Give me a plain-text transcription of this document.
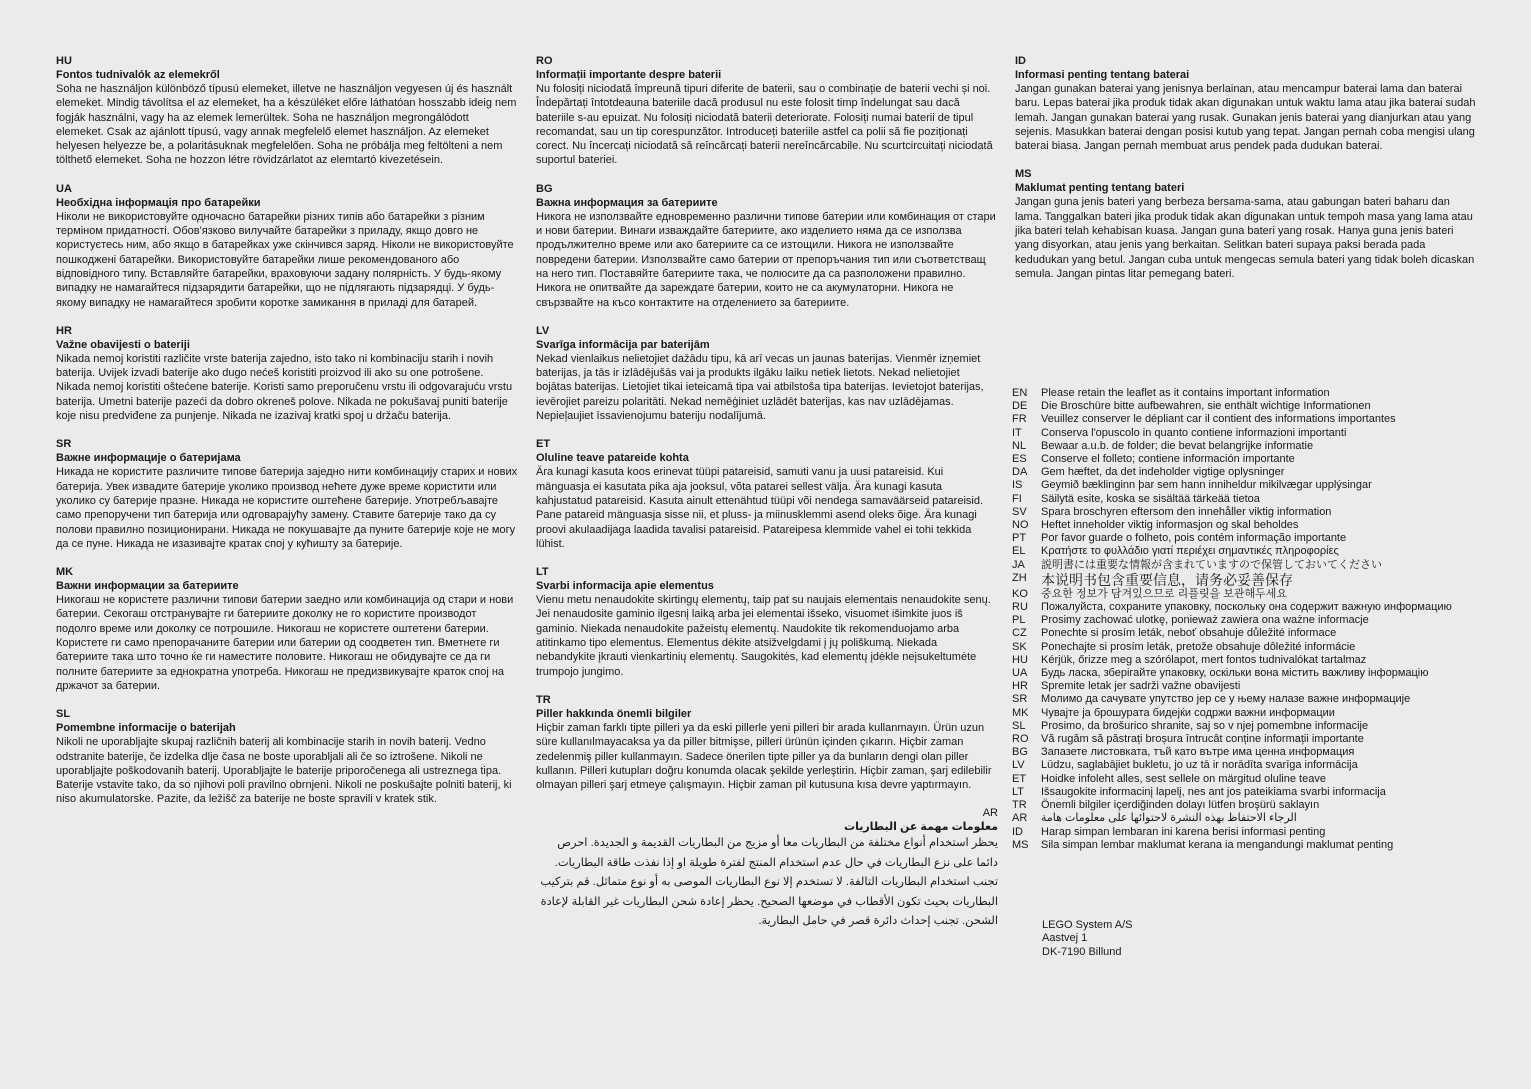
HU
Fontos tudnivalók az elemekről
Soha ne használjon különböző típusú elemeket, illetve ne használjon vegyesen új és használt elemeket. Mindig távolítsa el az elemeket, ha a készüléket előre láthatóan hosszabb ideig nem fogják használni, vagy ha az elemek lemerültek. Soha ne használjon megrongálódott elemeket. Csak az ajánlott típusú, vagy annak megfelelő elemet használjon. Az elemeket helyesen helyezze be, a polaritásuknak megfelelően. Soha ne próbálja meg feltölteni a nem tölthető elemeket. Soha ne hozzon létre rövidzárlatot az elemtartó kivezetésein.
UA
Необхідна інформація про батарейки
Ніколи не використовуйте одночасно батарейки різних типів або батарейки з різним терміном придатності. Обов'язково вилучайте батарейки з приладу, якщо довго не користуєтесь ним, або якщо в батарейках уже скінчився заряд. Ніколи не використовуйте пошкоджені батарейки. Використовуйте батарейки лише рекомендованого або відповідного типу. Вставляйте батарейки, враховуючи задану полярність. У будь-якому випадку не намагайтеся підзарядити батарейки, що не підлягають підзарядці. У будь-якому випадку не намагайтеся зробити коротке замикання в приладі для батарей.
HR
Važne obavijesti o baterijі
Nikada nemoj koristiti različite vrste baterija zajedno, isto tako ni kombinaciju starih i novih baterija. Uvijek izvadi baterije ako dugo nećeš koristiti proizvod ili ako su one potrošene. Nikada nemoj koristiti oštećene baterije. Koristi samo preporučenu vrstu ili odgovarajuću vrstu baterija. Umetni baterije pazeći da dobro okreneš polove. Nikada ne pokušavaj puniti baterije koje nisu predviđene za punjenje. Nikada ne izazivaj kratki spoj u držaču baterija.
SR
Важне информације о батеријама
Никада не користите различите типове батерија заједно нити комбинацију старих и нових батерија. Увек извадите батерије уколико производ нећете дуже време користити или уколико су батерије празне. Никада не користите оштећене батерије. Употребљавајте само препоручени тип батерија или одговарајућу замену. Ставите батерије тако да су полови правилно позиционирани. Никада не покушавајте да пуните батерије које не могу да се пуне. Никада не изазивајте кратак спој у кућишту за батерије.
MK
Важни информации за батериите
Никогаш не користете различни типови батерии заедно или комбинација од стари и нови батерии. Секогаш отстранувајте ги батериите доколку не го користите производот подолго време или доколку се потрошиле. Никогаш не користете оштетени батерии. Користете ги само препорачаните батерии или батерии од соодветен тип. Вметнете ги батериите така што точно ќе ги наместите половите. Никогаш не обидувајте се да ги полните батериите за еднократна употреба. Никогаш не предизвикувајте краток спој на држачот за батерии.
SL
Pomembne informacije o baterijah
Nikoli ne uporabljajte skupaj različnih baterij ali kombinacije starih in novih baterij. Vedno odstranite baterije, če izdelka dlje časa ne boste uporabljali ali če so iztrošene. Nikoli ne uporabljajte poškodovanih baterij. Uporabljajte le baterije priporočenega ali ustreznega tipa. Baterije vstavite tako, da so njihovi poli pravilno obrnjeni. Nikoli ne poskušajte polniti baterij, ki niso akumulatorske. Pazite, da ležišč za baterije ne boste spravili v kratek stik.
RO
Informații importante despre baterii
Nu folosiți niciodată împreună tipuri diferite de baterii, sau o combinație de baterii vechi și noi. Îndepărtați întotdeauna bateriile dacă produsul nu este folosit timp îndelungat sau dacă bateriile s-au epuizat. Nu folosiți niciodată baterii deteriorate. Folosiți numai baterii de tipul recomandat, sau un tip corespunzător. Introduceți bateriile astfel ca polii să fie poziționați corect. Nu încercați niciodată să reîncărcați baterii nereîncărcabile. Nu scurtcircuitați niciodată suportul bateriei.
BG
Важна информация за батериите
Никога не използвайте едновременно различни типове батерии или комбинация от стари и нови батерии. Винаги изваждайте батериите, ако изделието няма да се използва продължително време или ако батериите са се изтощили. Никога не използвайте повредени батерии. Използвайте само батерии от препоръчания тип или съответстващ на него тип. Поставяйте батериите така, че полюсите да са разположени правилно. Никога не опитвайте да зареждате батерии, които не са акумулаторни. Никога не свързвайте на късо контактите на отделението за батериите.
LV
Svarīga informācija par baterijām
Nekad vienlaikus nelietojiet dažādu tipu, kā arī vecas un jaunas baterijas. Vienmēr izņemiet baterijas, ja tās ir izlādējušās vai ja produkts ilgāku laiku netiek lietots. Nekad nelietojiet bojātas baterijas. Lietojiet tikai ieteicamā tipa vai atbilstoša tipa baterijas. Ievietojot baterijas, ievērojiet pareizu polaritāti. Nekad nemēģiniet uzlādēt baterijas, kas nav uzlādējamas. Nepieļaujiet īssavienojumu bateriju nodalījumā.
ET
Oluline teave patareide kohta
Ära kunagi kasuta koos erinevat tüüpi patareisid, samuti vanu ja uusi patareisid. Kui mänguasja ei kasutata pika aja jooksul, võta patarei sellest välja. Ära kunagi kasuta kahjustatud patareisid. Kasuta ainult ettenähtud tüüpi või nendega samaväärseid patareisid. Pane patareid mänguasja sisse nii, et pluss- ja miinusklemmi asend oleks õige. Ära kunagi proovi akulaadijaga laadida tavalisi patareisid. Patareipesa klemmide vahel ei tohi tekkida lühist.
LT
Svarbi informacija apie elementus
Vienu metu nenaudokite skirtingų elementų, taip pat su naujais elementais nenaudokite senų. Jei nenaudosite gaminio ilgesnį laiką arba jei elementai išseko, visuomet išimkite juos iš gaminio. Niekada nenaudokite pažeistų elementų. Naudokite tik rekomenduojamo arba atitinkamo tipo elementus. Elementus dėkite atsižvelgdami į jų poliškumą. Niekada nebandykite įkrauti vienkartinių elementų. Saugokitės, kad elementų įdėkle neįsukeltumėte trumpojo jungimo.
TR
Piller hakkında önemli bilgiler
Hiçbir zaman farklı tipte pilleri ya da eski pillerle yeni pilleri bir arada kullanmayın. Ürün uzun süre kullanılmayacaksa ya da piller bitmişse, pilleri ürünün içinden çıkarın. Hiçbir zaman zedelenmiş piller kullanmayın. Sadece önerilen tipte piller ya da bunların dengi olan piller kullanın. Pilleri kutupları doğru konumda olacak şekilde yerleştirin. Hiçbir zaman, şarj edilebilir olmayan pilleri şarj etmeye çalışmayın. Hiçbir zaman pil kutusuna kısa devre yaptırmayın.
AR
معلومات مهمة عن البطاريات
يحظر استخدام أنواع مختلفة من البطاريات معا أو مزيج من البطاريات القديمة و الجديدة. احرص دائما على نزع البطاريات في حال عدم استخدام المنتج لفترة طويلة او إذا نفذت طاقة البطاريات. تجنب استخدام البطاريات التالفة. لا تستخدم إلا نوع البطاريات الموصى به أو نوع متماثل. قم بتركيب البطاريات بحيث تكون الأقطاب في موضعها الصحيح. يحظر إعادة شحن البطاريات غير القابلة لإعادة الشحن. تجنب إحداث دائرة قصر في حامل البطارية.
ID
Informasi penting tentang baterai
Jangan gunakan baterai yang jenisnya berlainan, atau mencampur baterai lama dan baterai baru. Lepas baterai jika produk tidak akan digunakan untuk waktu lama atau jika baterai sudah lemah. Jangan gunakan baterai yang rusak. Gunakan jenis baterai yang dianjurkan atau yang sejenis. Masukkan baterai dengan posisi kutub yang tepat. Jangan pernah coba mengisi ulang baterai biasa. Jangan pernah membuat arus pendek pada dudukan baterai.
MS
Maklumat penting tentang bateri
Jangan guna jenis bateri yang berbeza bersama-sama, atau gabungan bateri baharu dan lama. Tanggalkan bateri jika produk tidak akan digunakan untuk tempoh masa yang lama atau jika bateri telah kehabisan kuasa. Jangan guna bateri yang rosak. Hanya guna jenis bateri yang disyorkan, atau jenis yang berkaitan. Selitkan bateri supaya paksi berada pada kedudukan yang betul. Jangan cuba untuk mengecas semula bateri yang tidak boleh dicaskan semula. Jangan pintas litar pemegang bateri.
EN	Please retain the leaflet as it contains important information
DE	Die Broschüre bitte aufbewahren, sie enthält wichtige Informationen
FR	Veuillez conserver le dépliant car il contient des informations importantes
IT	Conserva l'opuscolo in quanto contiene informazioni importanti
NL	Bewaar a.u.b. de folder; die bevat belangrijke informatie
ES	Conserve el folleto; contiene información importante
DA	Gem hæftet, da det indeholder vigtige oplysninger
IS	Geymið bæklinginn þar sem hann inniheldur mikilvægar upplýsingar
FI	Säilytä esite, koska se sisältää tärkeää tietoa
SV	Spara broschyren eftersom den innehåller viktig information
NO	Heftet inneholder viktig informasjon og skal beholdes
PT	Por favor guarde o folheto, pois contém informação importante
EL	Κρατήστε το φυλλάδιο γιατί περιέχει σημαντικές πληροφορίες
JA	説明書には重要な情報が含まれていますので保管しておいてください
ZH	本说明书包含重要信息，请务必妥善保存
KO	중요한 정보가 담겨있으므로 리플릿을 보관해두세요
RU	Пожалуйста, сохраните упаковку, поскольку она содержит важную информацию
PL	Prosimy zachować ulotkę, ponieważ zawiera ona ważne informacje
CZ	Ponechte si prosím leták, neboť obsahuje důležité informace
SK	Ponechajte si prosím leták, pretože obsahuje dôležité informácie
HU	Kérjük, őrizze meg a szórólapot, mert fontos tudnivalókat tartalmaz
UA	Будь ласка, зберігайте упаковку, оскільки вона містить важливу інформацію
HR	Spremite letak jer sadrži važne obavijesti
SR	Молимо да сачувате упутство јер се у њему налазе важне информације
MK	Чувајте ја брошурата бидејќи содржи важни информации
SL	Prosimo, da brošurico shranite, saj so v njej pomembne informacije
RO	Vă rugăm să păstrați broșura întrucât conține informații importante
BG	Запазете листовката, тъй като вътре има ценна информация
LV	Lūdzu, saglabājiet bukletu, jo uz tā ir norādīta svarīga informācija
ET	Hoidke infoleht alles, sest sellele on märgitud oluline teave
LT	Išsaugokite informacinį lapelį, nes ant jos pateikiama svarbi informacija
TR	Önemli bilgiler içerdiğinden dolayı lütfen broşürü saklayın
AR	الرجاء الاحتفاظ بهذه النشرة لاحتوائها على معلومات هامة
ID	Harap simpan lembaran ini karena berisi informasi penting
MS	Sila simpan lembar maklumat kerana ia mengandungi maklumat penting
LEGO System A/S
Aastvej 1
DK-7190 Billund
